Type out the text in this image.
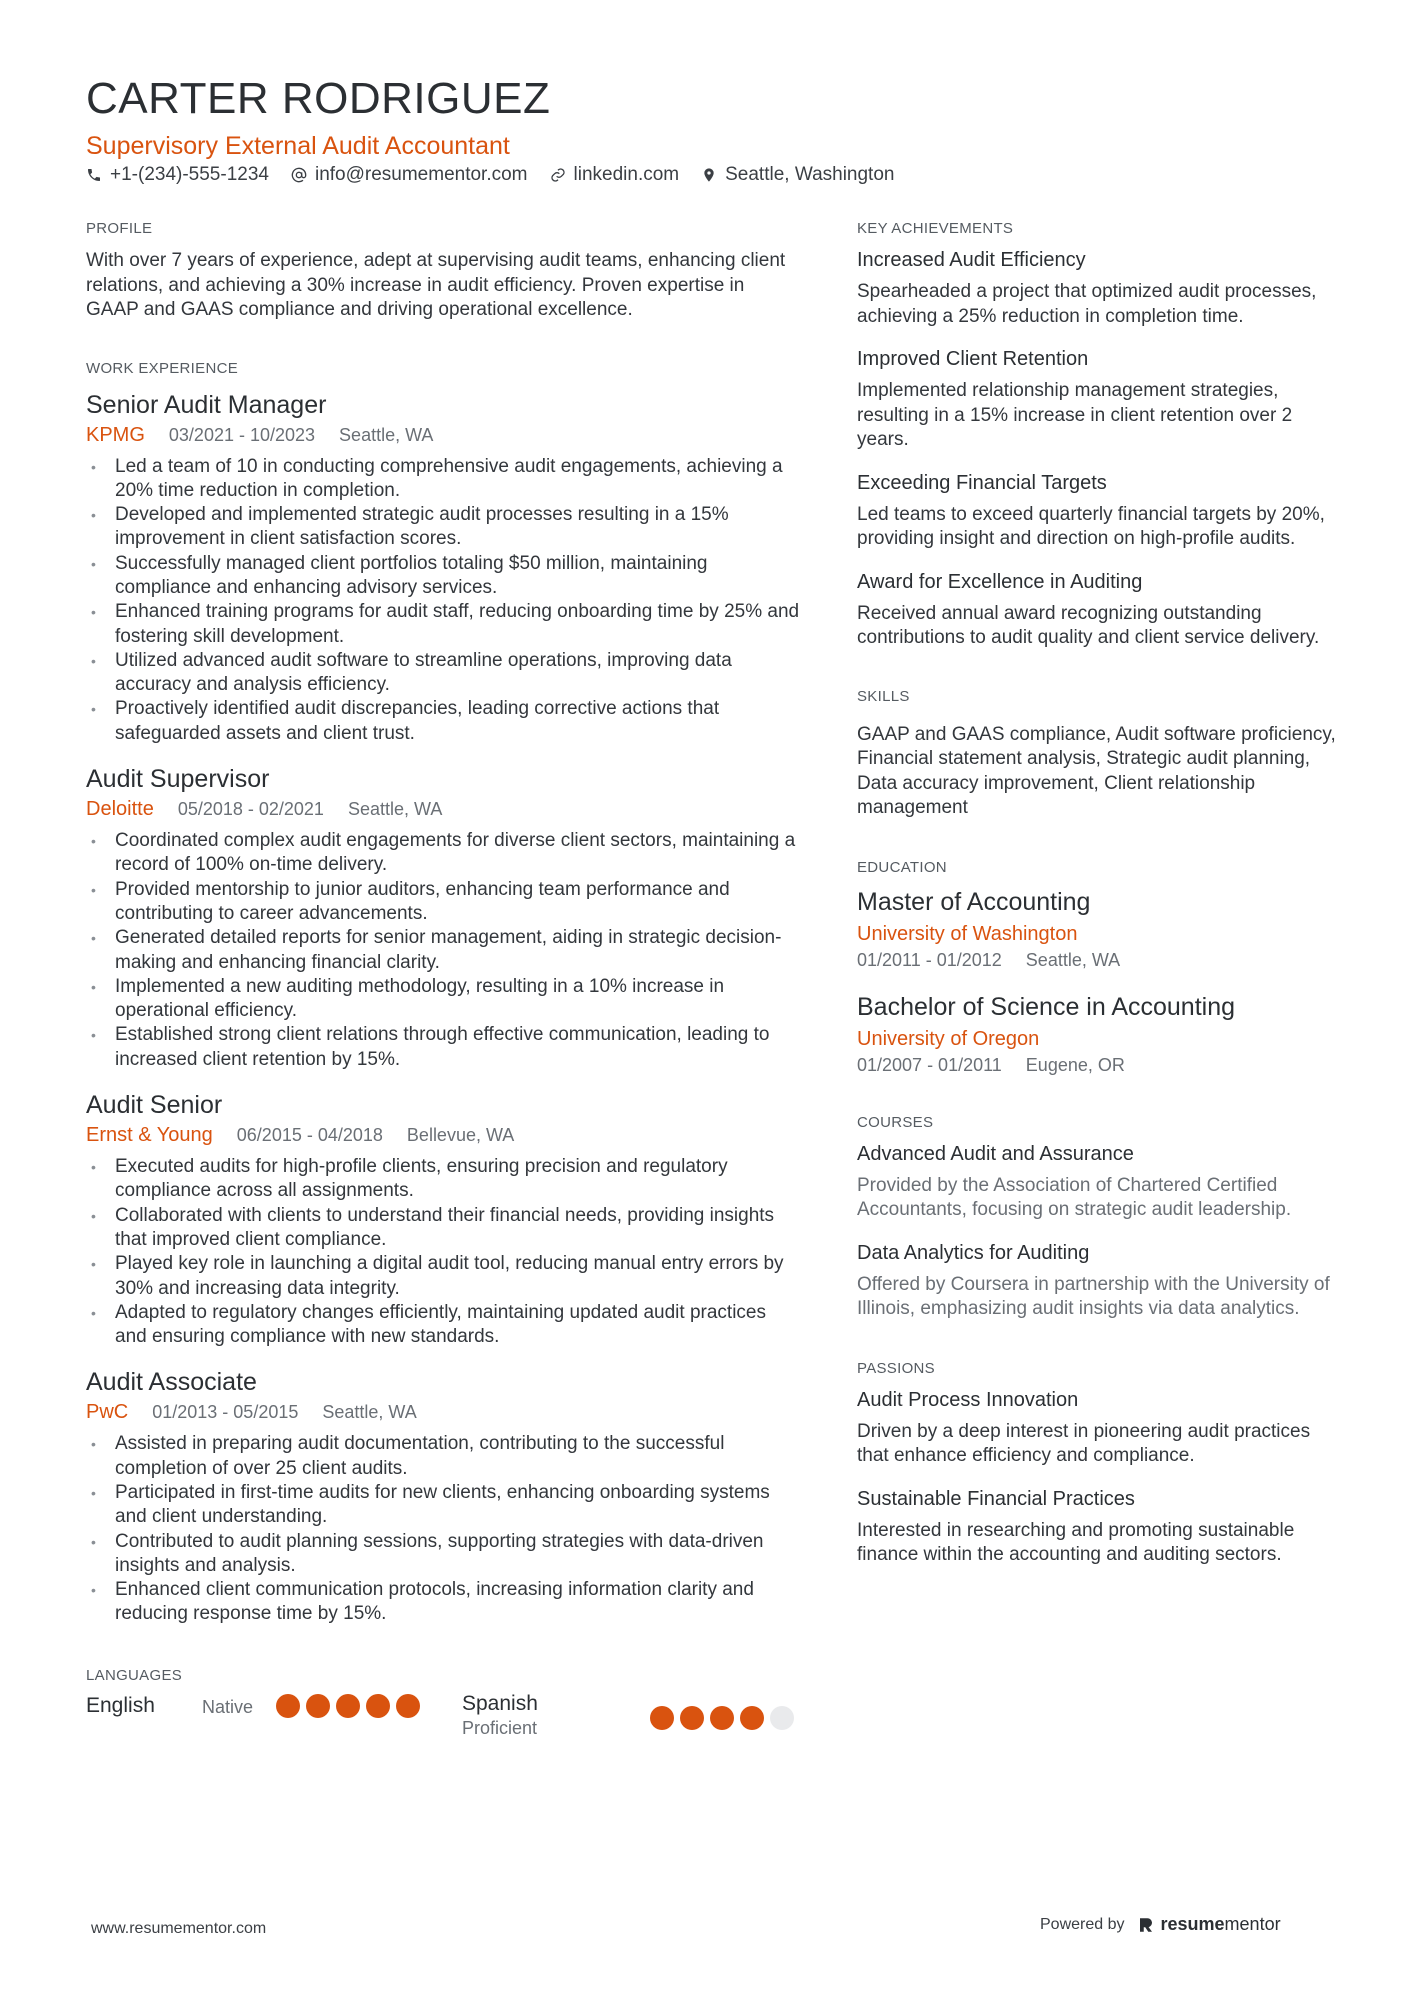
CARTER RODRIGUEZ
Supervisory External Audit Accountant
+1-(234)-555-1234 info@resumementor.com linkedin.com Seattle, Washington
PROFILE
With over 7 years of experience, adept at supervising audit teams, enhancing client relations, and achieving a 30% increase in audit efficiency. Proven expertise in GAAP and GAAS compliance and driving operational excellence.
WORK EXPERIENCE
Senior Audit Manager
KPMG 03/2021 - 10/2023 Seattle, WA
• Led a team of 10 in conducting comprehensive audit engagements, achieving a 20% time reduction in completion.
• Developed and implemented strategic audit processes resulting in a 15% improvement in client satisfaction scores.
• Successfully managed client portfolios totaling $50 million, maintaining compliance and enhancing advisory services.
• Enhanced training programs for audit staff, reducing onboarding time by 25% and fostering skill development.
• Utilized advanced audit software to streamline operations, improving data accuracy and analysis efficiency.
• Proactively identified audit discrepancies, leading corrective actions that safeguarded assets and client trust.
Audit Supervisor
Deloitte 05/2018 - 02/2021 Seattle, WA
• Coordinated complex audit engagements for diverse client sectors, maintaining a record of 100% on-time delivery.
• Provided mentorship to junior auditors, enhancing team performance and contributing to career advancements.
• Generated detailed reports for senior management, aiding in strategic decision-making and enhancing financial clarity.
• Implemented a new auditing methodology, resulting in a 10% increase in operational efficiency.
• Established strong client relations through effective communication, leading to increased client retention by 15%.
Audit Senior
Ernst & Young 06/2015 - 04/2018 Bellevue, WA
• Executed audits for high-profile clients, ensuring precision and regulatory compliance across all assignments.
• Collaborated with clients to understand their financial needs, providing insights that improved client compliance.
• Played key role in launching a digital audit tool, reducing manual entry errors by 30% and increasing data integrity.
• Adapted to regulatory changes efficiently, maintaining updated audit practices and ensuring compliance with new standards.
Audit Associate
PwC 01/2013 - 05/2015 Seattle, WA
• Assisted in preparing audit documentation, contributing to the successful completion of over 25 client audits.
• Participated in first-time audits for new clients, enhancing onboarding systems and client understanding.
• Contributed to audit planning sessions, supporting strategies with data-driven insights and analysis.
• Enhanced client communication protocols, increasing information clarity and reducing response time by 15%.
LANGUAGES
English	Native	Spanish
Proficient
KEY ACHIEVEMENTS
Increased Audit Efficiency
Spearheaded a project that optimized audit processes, achieving a 25% reduction in completion time.
Improved Client Retention
Implemented relationship management strategies, resulting in a 15% increase in client retention over 2 years.
Exceeding Financial Targets
Led teams to exceed quarterly financial targets by 20%, providing insight and direction on high-profile audits.
Award for Excellence in Auditing
Received annual award recognizing outstanding contributions to audit quality and client service delivery.
SKILLS
GAAP and GAAS compliance, Audit software proficiency, Financial statement analysis, Strategic audit planning, Data accuracy improvement, Client relationship management
EDUCATION
Master of Accounting
University of Washington
01/2011 - 01/2012 Seattle, WA
Bachelor of Science in Accounting
University of Oregon
01/2007 - 01/2011 Eugene, OR
COURSES
Advanced Audit and Assurance
Provided by the Association of Chartered Certified Accountants, focusing on strategic audit leadership.
Data Analytics for Auditing
Offered by Coursera in partnership with the University of Illinois, emphasizing audit insights via data analytics.
PASSIONS
Audit Process Innovation
Driven by a deep interest in pioneering audit practices that enhance efficiency and compliance.
Sustainable Financial Practices
Interested in researching and promoting sustainable finance within the accounting and auditing sectors.
www.resumementor.com	Powered by resumementor
